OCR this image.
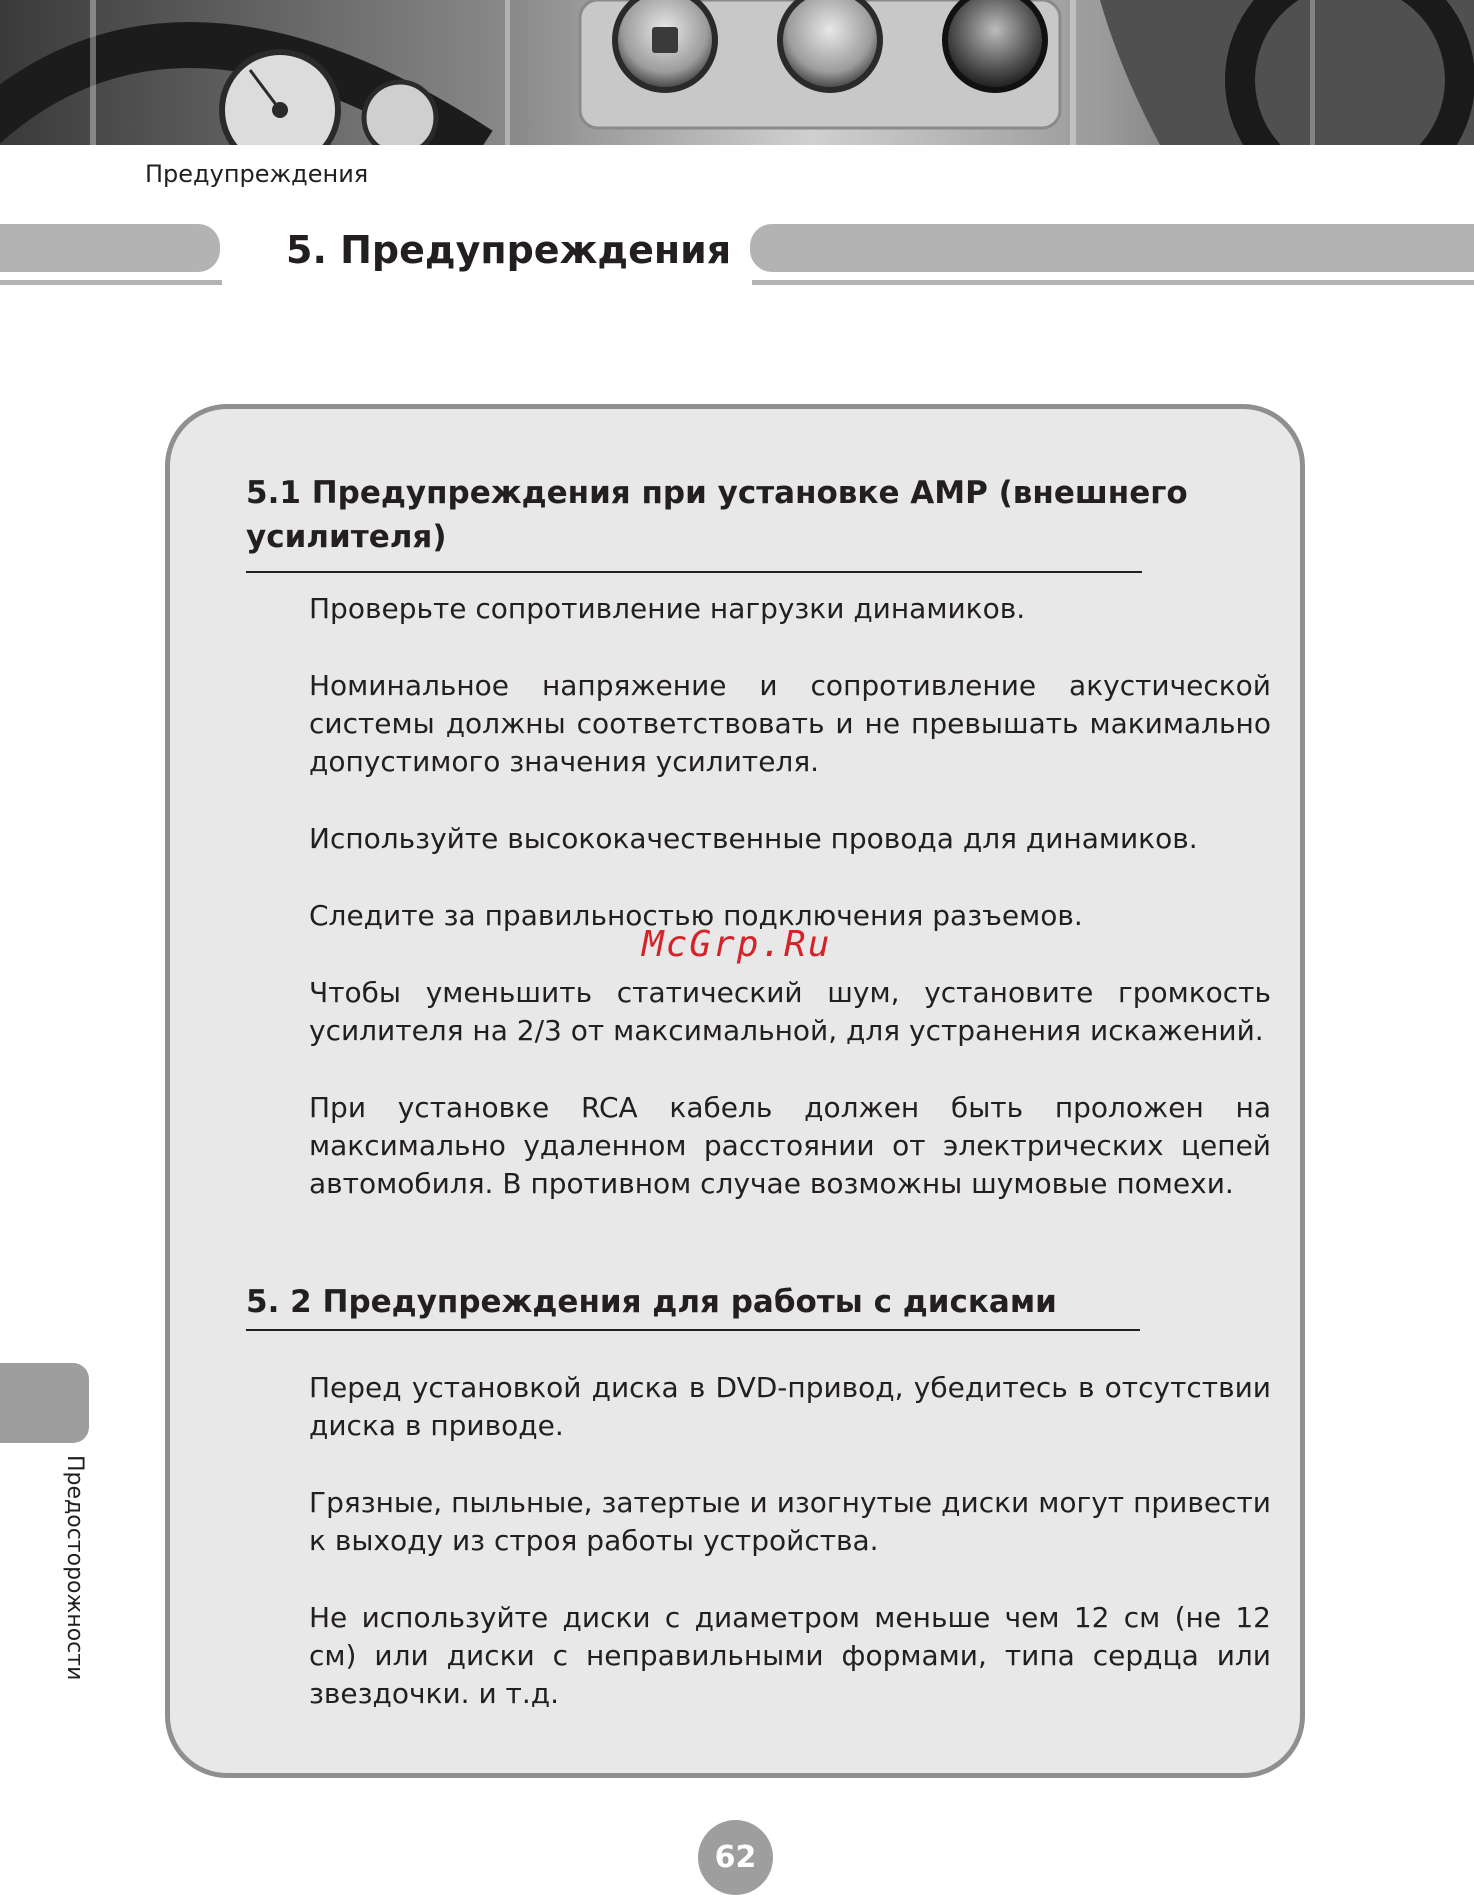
Предупреждения
5. Предупреждения
5.1 Предупреждения при установке AMP (внешнего
усилителя)

Проверьте сопротивление нагрузки динамиков.

Номинальное напряжение и сопротивление акустической системы должны соответствовать и не превышать макимально допустимого значения усилителя.

Используйте высококачественные провода для динамиков.

Следите за правильностью подключения разъемов.

Чтобы уменьшить статический шум, установите громкость усилителя на 2/3 от максимальной, для устранения искажений.

При установке RCA кабель должен быть проложен на максимально удаленном расстоянии от электрических цепей автомобиля. В противном случае возможны шумовые помехи.

5. 2 Предупреждения для работы с дисками

Перед установкой диска в DVD-привод, убедитесь в отсутствии диска в приводе.

Грязные, пыльные, затертые и изогнутые диски могут привести к выходу из строя работы устройства.

Не используйте диски с диаметром меньше чем 12 см (не 12 см) или диски с неправильными формами, типа сердца или звездочки. и т.д.

McGrp.Ru
Предосторожности
62
